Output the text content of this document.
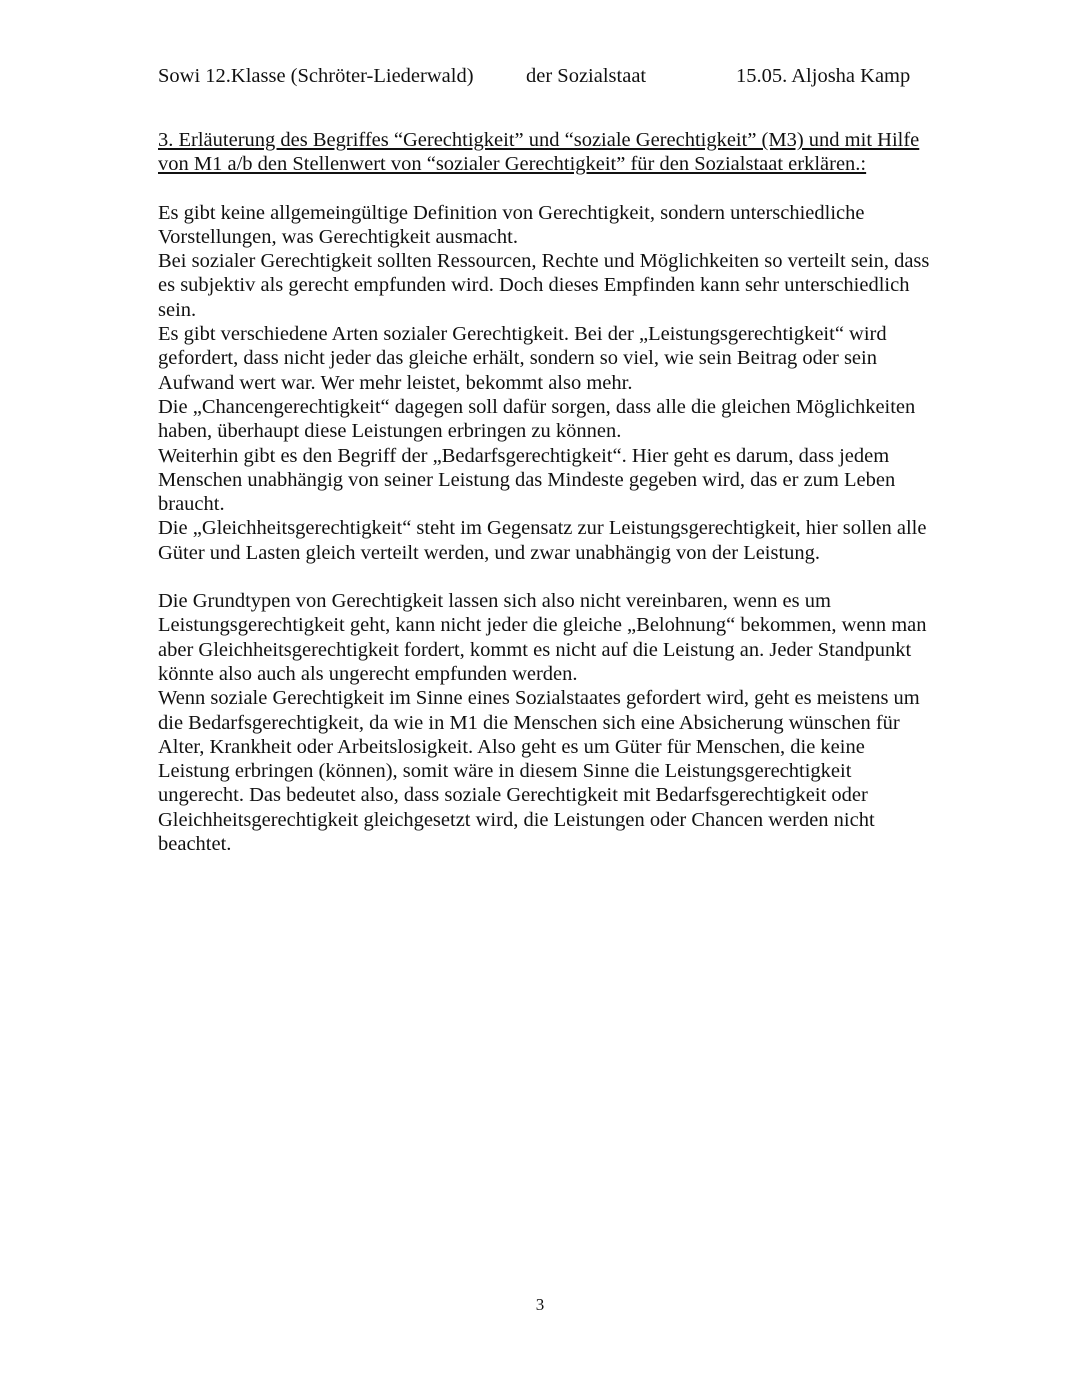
Sowi 12.Klasse (Schröter-Liederwald)	der Sozialstaat	15.05. Aljosha Kamp

3. Erläuterung des Begriffes “Gerechtigkeit” und “soziale Gerechtigkeit” (M3) und mit Hilfe von M1 a/b den Stellenwert von “sozialer Gerechtigkeit” für den Sozialstaat erklären.:

Es gibt keine allgemeingültige Definition von Gerechtigkeit, sondern unterschiedliche Vorstellungen, was Gerechtigkeit ausmacht.

Bei sozialer Gerechtigkeit sollten Ressourcen, Rechte und Möglichkeiten so verteilt sein, dass es subjektiv als gerecht empfunden wird. Doch dieses Empfinden kann sehr unterschiedlich sein.

Es gibt verschiedene Arten sozialer Gerechtigkeit. Bei der „Leistungsgerechtigkeit“ wird gefordert, dass nicht jeder das gleiche erhält, sondern so viel, wie sein Beitrag oder sein Aufwand wert war. Wer mehr leistet, bekommt also mehr.

Die „Chancengerechtigkeit“ dagegen soll dafür sorgen, dass alle die gleichen Möglichkeiten haben, überhaupt diese Leistungen erbringen zu können.

Weiterhin gibt es den Begriff der „Bedarfsgerechtigkeit“. Hier geht es darum, dass jedem Menschen unabhängig von seiner Leistung das Mindeste gegeben wird, das er zum Leben braucht.

Die „Gleichheitsgerechtigkeit“ steht im Gegensatz zur Leistungsgerechtigkeit, hier sollen alle Güter und Lasten gleich verteilt werden, und zwar unabhängig von der Leistung.

Die Grundtypen von Gerechtigkeit lassen sich also nicht vereinbaren, wenn es um Leistungsgerechtigkeit geht, kann nicht jeder die gleiche „Belohnung“ bekommen, wenn man aber Gleichheitsgerechtigkeit fordert, kommt es nicht auf die Leistung an. Jeder Standpunkt könnte also auch als ungerecht empfunden werden.

Wenn soziale Gerechtigkeit im Sinne eines Sozialstaates gefordert wird, geht es meistens um die Bedarfsgerechtigkeit, da wie in M1 die Menschen sich eine Absicherung wünschen für Alter, Krankheit oder Arbeitslosigkeit. Also geht es um Güter für Menschen, die keine Leistung erbringen (können), somit wäre in diesem Sinne die Leistungsgerechtigkeit ungerecht. Das bedeutet also, dass soziale Gerechtigkeit mit Bedarfsgerechtigkeit oder Gleichheitsgerechtigkeit gleichgesetzt wird, die Leistungen oder Chancen werden nicht beachtet.

3
